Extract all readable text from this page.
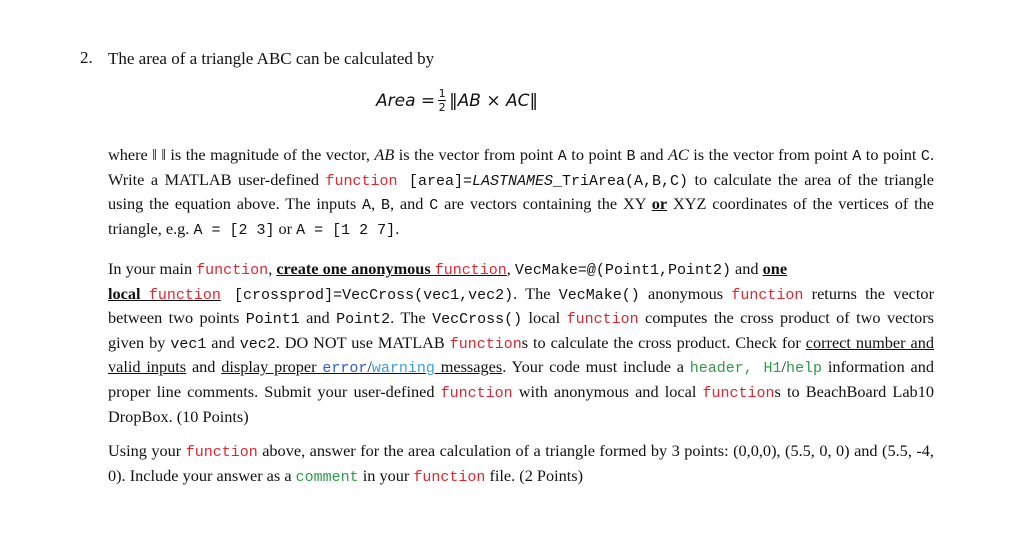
2. The area of a triangle ABC can be calculated by
Area = $\frac{1}{2}$ ‖AB × AC‖
where ‖ ‖ is the magnitude of the vector, AB is the vector from point A to point B and AC is the vector from point A to point C. Write a MATLAB user-defined function [area]=LASTNAMES_TriArea(A,B,C) to calculate the area of the triangle using the equation above. The inputs A, B, and C are vectors containing the XY or XYZ coordinates of the vertices of the triangle, e.g. A = [2 3] or A = [1 2 7].
In your main function, create one anonymous function, VecMake=@(Point1,Point2) and one
local function [crossprod]=VecCross(vec1,vec2). The VecMake() anonymous function returns the vector between two points Point1 and Point2. The VecCross() local function computes the cross product of two vectors given by vec1 and vec2. DO NOT use MATLAB functions to calculate the cross product. Check for correct number and valid inputs and display proper error/warning messages. Your code must include a header, H1/help information and proper line comments. Submit your user-defined function with anonymous and local functions to BeachBoard Lab10 DropBox. (10 Points)
Using your function above, answer for the area calculation of a triangle formed by 3 points: (0,0,0), (5.5, 0, 0) and (5.5, -4, 0). Include your answer as a comment in your function file. (2 Points)
